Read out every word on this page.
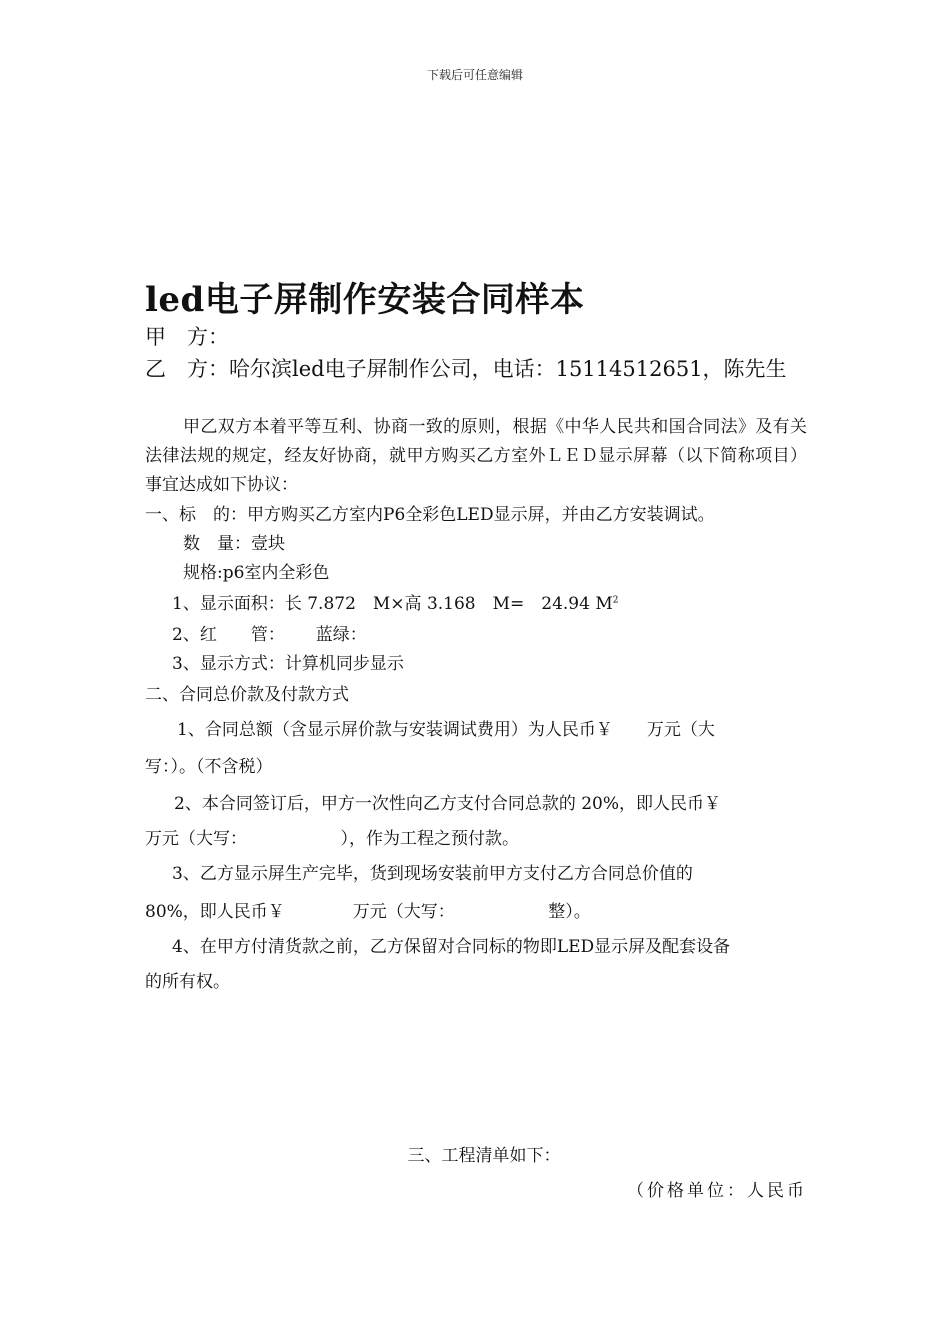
下载后可任意编辑
led电子屏制作安装合同样本
甲　方：
乙　方：哈尔滨led电子屏制作公司，电话：15114512651，陈先生
甲乙双方本着平等互利、协商一致的原则，根据《中华人民共和国合同法》及有关法律法规的规定，经友好协商，就甲方购买乙方室外ＬＥＤ显示屏幕（以下简称项目）事宜达成如下协议：
一、标　的：甲方购买乙方室内P6全彩色LED显示屏，并由乙方安装调试。
数　量：壹块
规格:p6室内全彩色
1、显示面积：长 7.872　M×高 3.168　M=　24.94 $M^2$
2、红　　管：　　 蓝绿：
3、显示方式：计算机同步显示
二、合同总价款及付款方式
1、合同总额（含显示屏价款与安装调试费用）为人民币￥　　万元（大
写：）。（不含税）
2、本合同签订后，甲方一次性向乙方支付合同总款的 20%，即人民币￥
万元（大写：　　　　　　），作为工程之预付款。
3、乙方显示屏生产完毕，货到现场安装前甲方支付乙方合同总价值的
80%，即人民币￥　　　　万元（大写：　　　　　　整）。
4、在甲方付清货款之前，乙方保留对合同标的物即LED显示屏及配套设备
的所有权。
三、工程清单如下：
（价格单位：人民币
